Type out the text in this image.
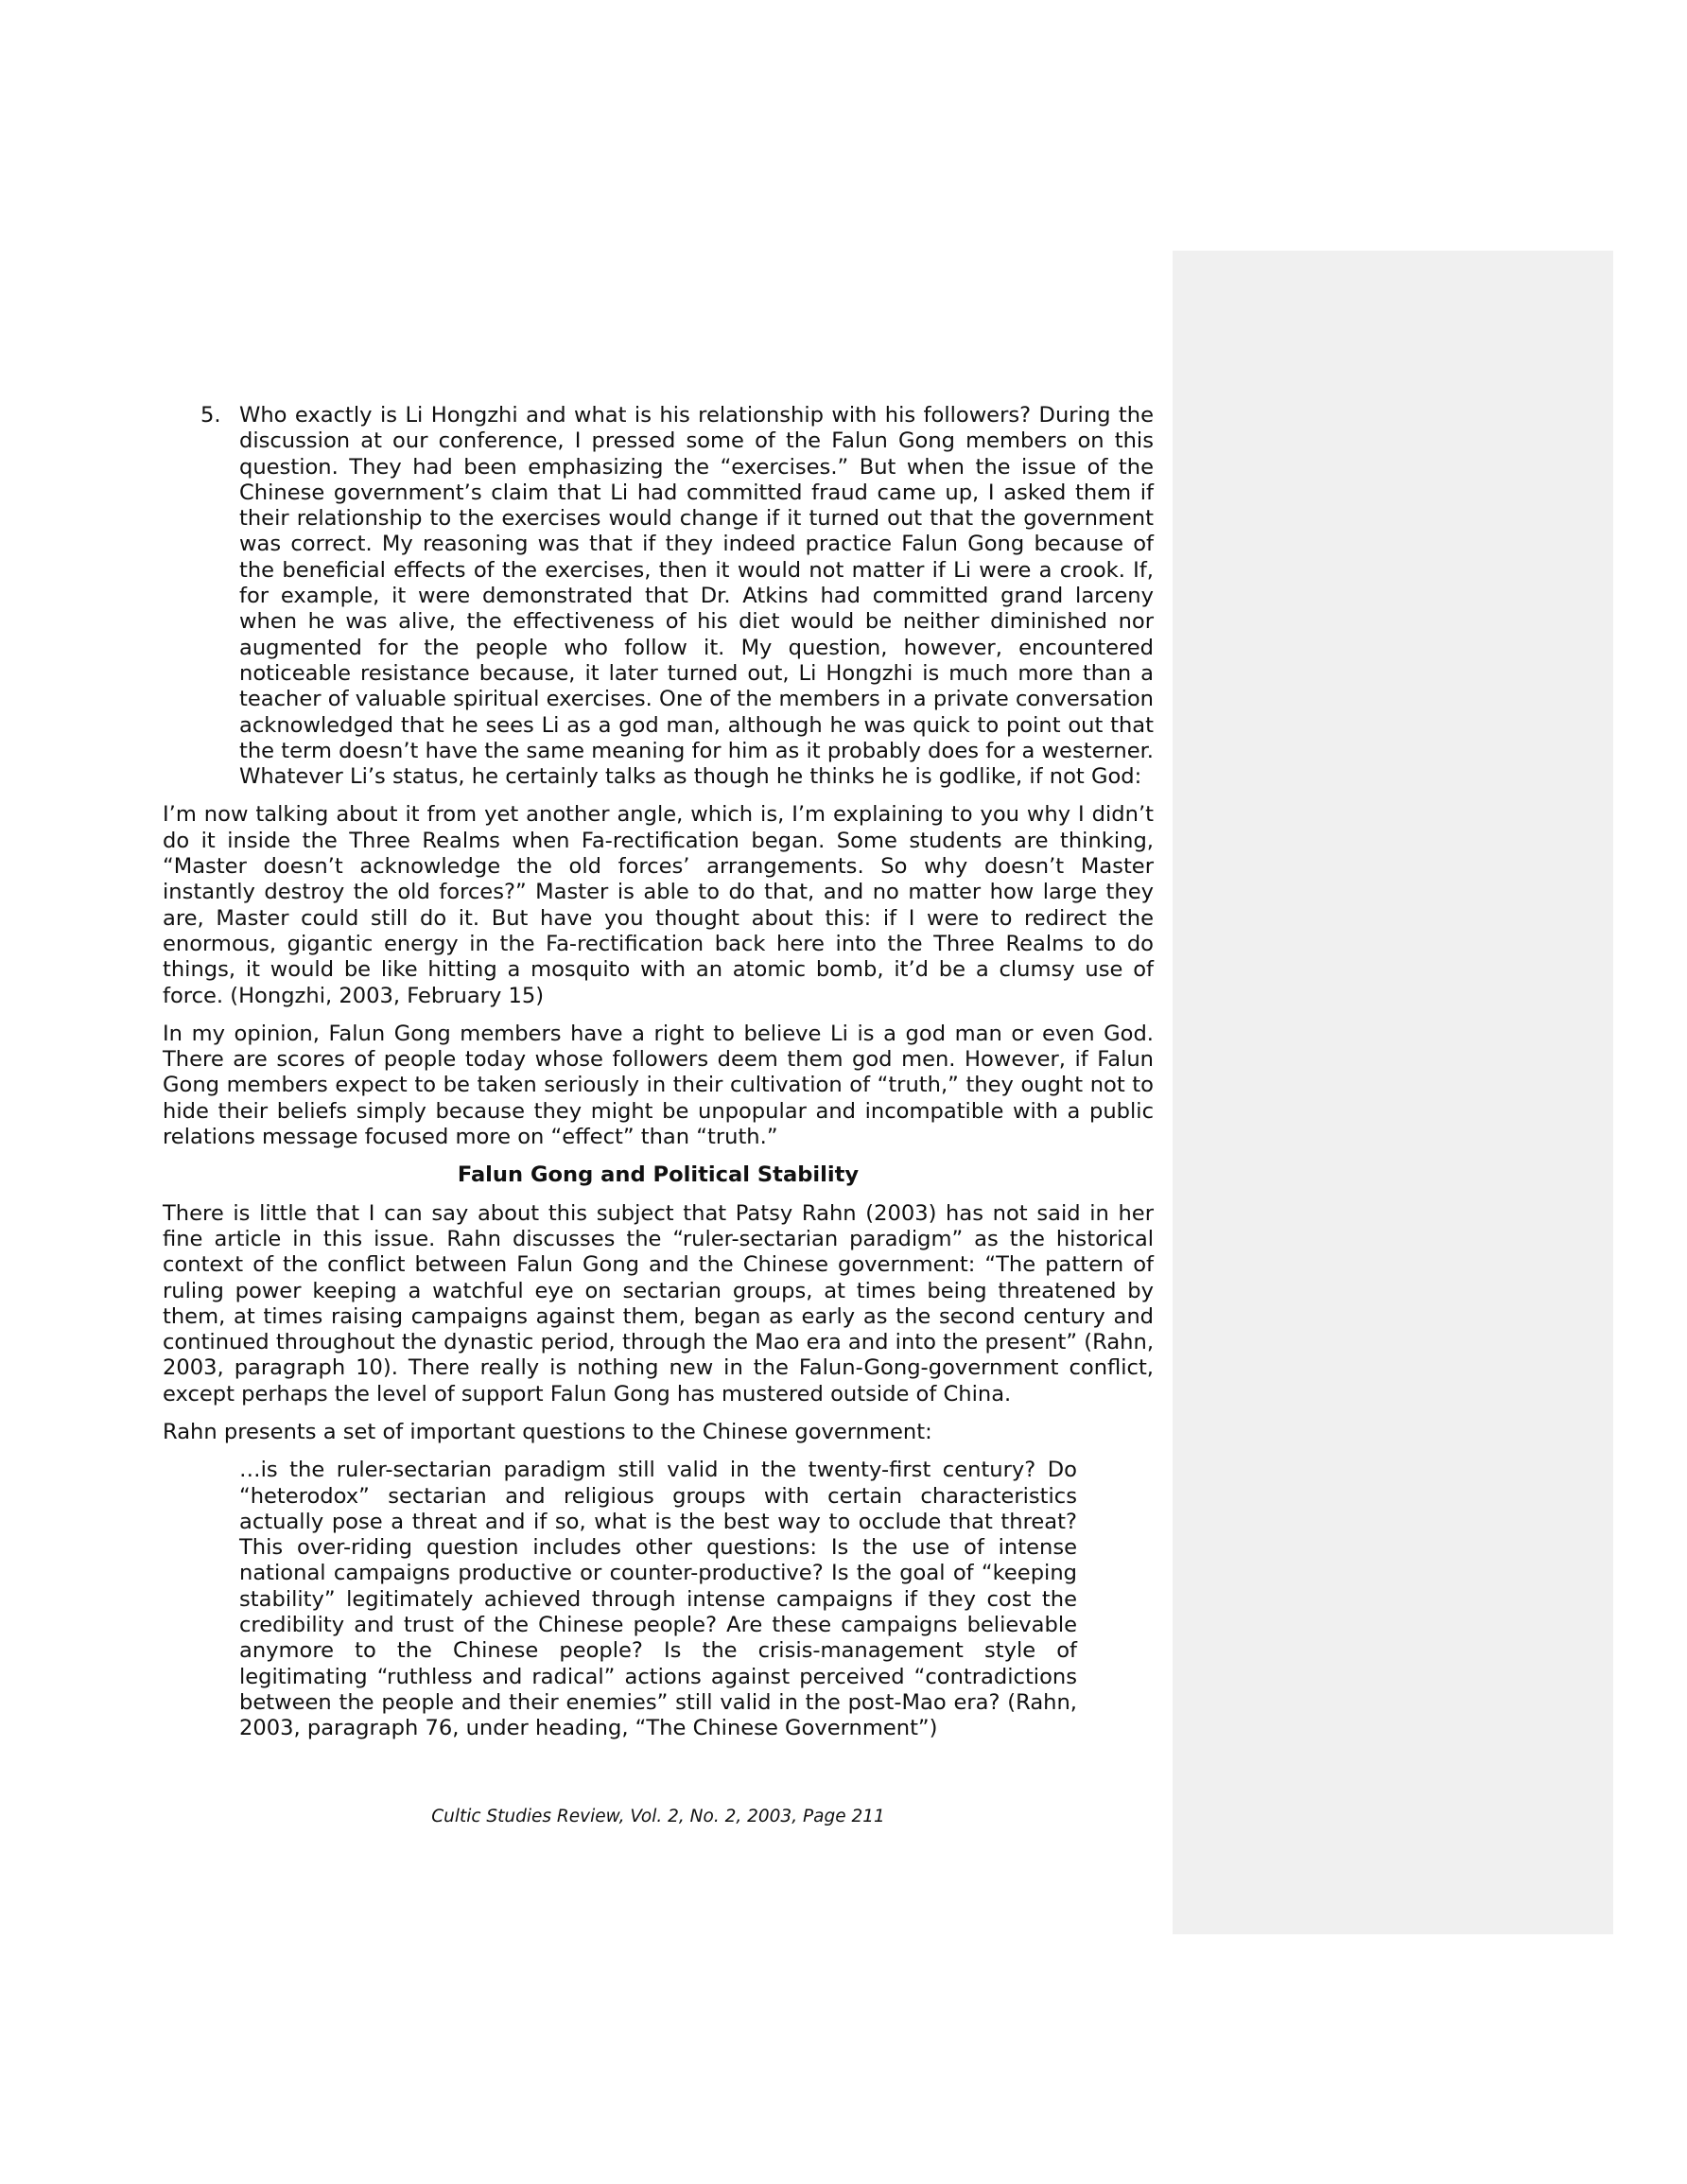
5. Who exactly is Li Hongzhi and what is his relationship with his followers? During the discussion at our conference, I pressed some of the Falun Gong members on this question. They had been emphasizing the “exercises.” But when the issue of the Chinese government’s claim that Li had committed fraud came up, I asked them if their relationship to the exercises would change if it turned out that the government was correct. My reasoning was that if they indeed practice Falun Gong because of the beneficial effects of the exercises, then it would not matter if Li were a crook. If, for example, it were demonstrated that Dr. Atkins had committed grand larceny when he was alive, the effectiveness of his diet would be neither diminished nor augmented for the people who follow it. My question, however, encountered noticeable resistance because, it later turned out, Li Hongzhi is much more than a teacher of valuable spiritual exercises. One of the members in a private conversation acknowledged that he sees Li as a god man, although he was quick to point out that the term doesn’t have the same meaning for him as it probably does for a westerner. Whatever Li’s status, he certainly talks as though he thinks he is godlike, if not God:

I’m now talking about it from yet another angle, which is, I’m explaining to you why I didn’t do it inside the Three Realms when Fa-rectification began. Some students are thinking, “Master doesn’t acknowledge the old forces’ arrangements. So why doesn’t Master instantly destroy the old forces?” Master is able to do that, and no matter how large they are, Master could still do it. But have you thought about this: if I were to redirect the enormous, gigantic energy in the Fa-rectification back here into the Three Realms to do things, it would be like hitting a mosquito with an atomic bomb, it’d be a clumsy use of force. (Hongzhi, 2003, February 15)

In my opinion, Falun Gong members have a right to believe Li is a god man or even God. There are scores of people today whose followers deem them god men. However, if Falun Gong members expect to be taken seriously in their cultivation of “truth,” they ought not to hide their beliefs simply because they might be unpopular and incompatible with a public relations message focused more on “effect” than “truth.”

Falun Gong and Political Stability

There is little that I can say about this subject that Patsy Rahn (2003) has not said in her fine article in this issue. Rahn discusses the “ruler-sectarian paradigm” as the historical context of the conflict between Falun Gong and the Chinese government: “The pattern of ruling power keeping a watchful eye on sectarian groups, at times being threatened by them, at times raising campaigns against them, began as early as the second century and continued throughout the dynastic period, through the Mao era and into the present” (Rahn, 2003, paragraph 10). There really is nothing new in the Falun-Gong-government conflict, except perhaps the level of support Falun Gong has mustered outside of China.

Rahn presents a set of important questions to the Chinese government:

…is the ruler-sectarian paradigm still valid in the twenty-first century? Do “heterodox” sectarian and religious groups with certain characteristics actually pose a threat and if so, what is the best way to occlude that threat? This over-riding question includes other questions: Is the use of intense national campaigns productive or counter-productive? Is the goal of “keeping stability” legitimately achieved through intense campaigns if they cost the credibility and trust of the Chinese people? Are these campaigns believable anymore to the Chinese people? Is the crisis-management style of legitimating “ruthless and radical” actions against perceived “contradictions between the people and their enemies” still valid in the post-Mao era? (Rahn, 2003, paragraph 76, under heading, “The Chinese Government”)
Cultic Studies Review, Vol. 2, No. 2, 2003, Page 211
